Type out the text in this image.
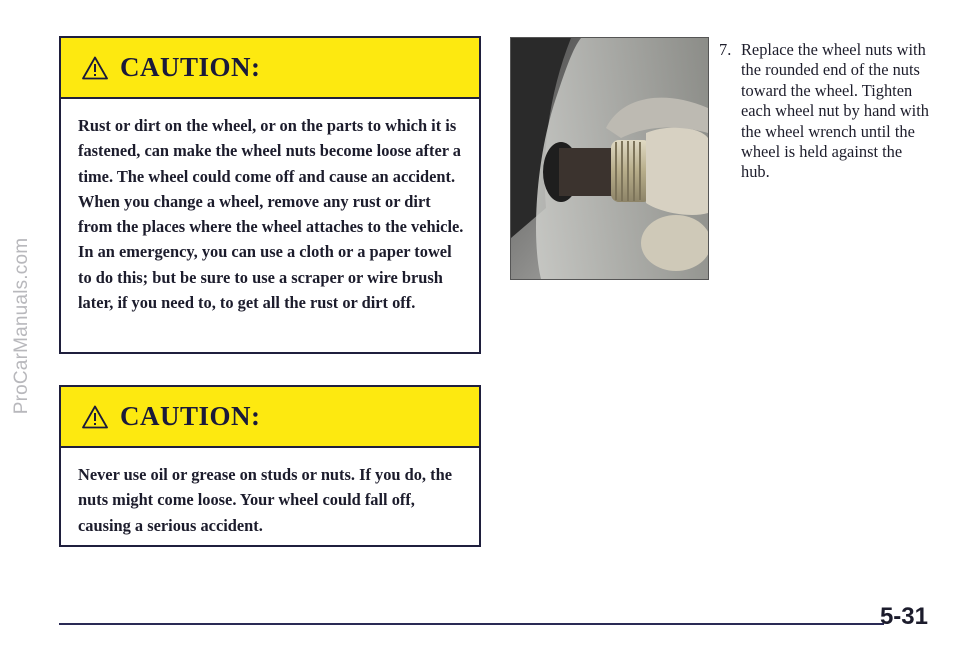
ProCarManuals.com
CAUTION:
Rust or dirt on the wheel, or on the parts to which it is fastened, can make the wheel nuts become loose after a time. The wheel could come off and cause an accident. When you change a wheel, remove any rust or dirt from the places where the wheel attaches to the vehicle. In an emergency, you can use a cloth or a paper towel to do this; but be sure to use a scraper or wire brush later, if you need to, to get all the rust or dirt off.
CAUTION:
Never use oil or grease on studs or nuts. If you do, the nuts might come loose. Your wheel could fall off, causing a serious accident.
7. Replace the wheel nuts with the rounded end of the nuts toward the wheel. Tighten each wheel nut by hand with the wheel wrench until the wheel is held against the hub.
5-31
